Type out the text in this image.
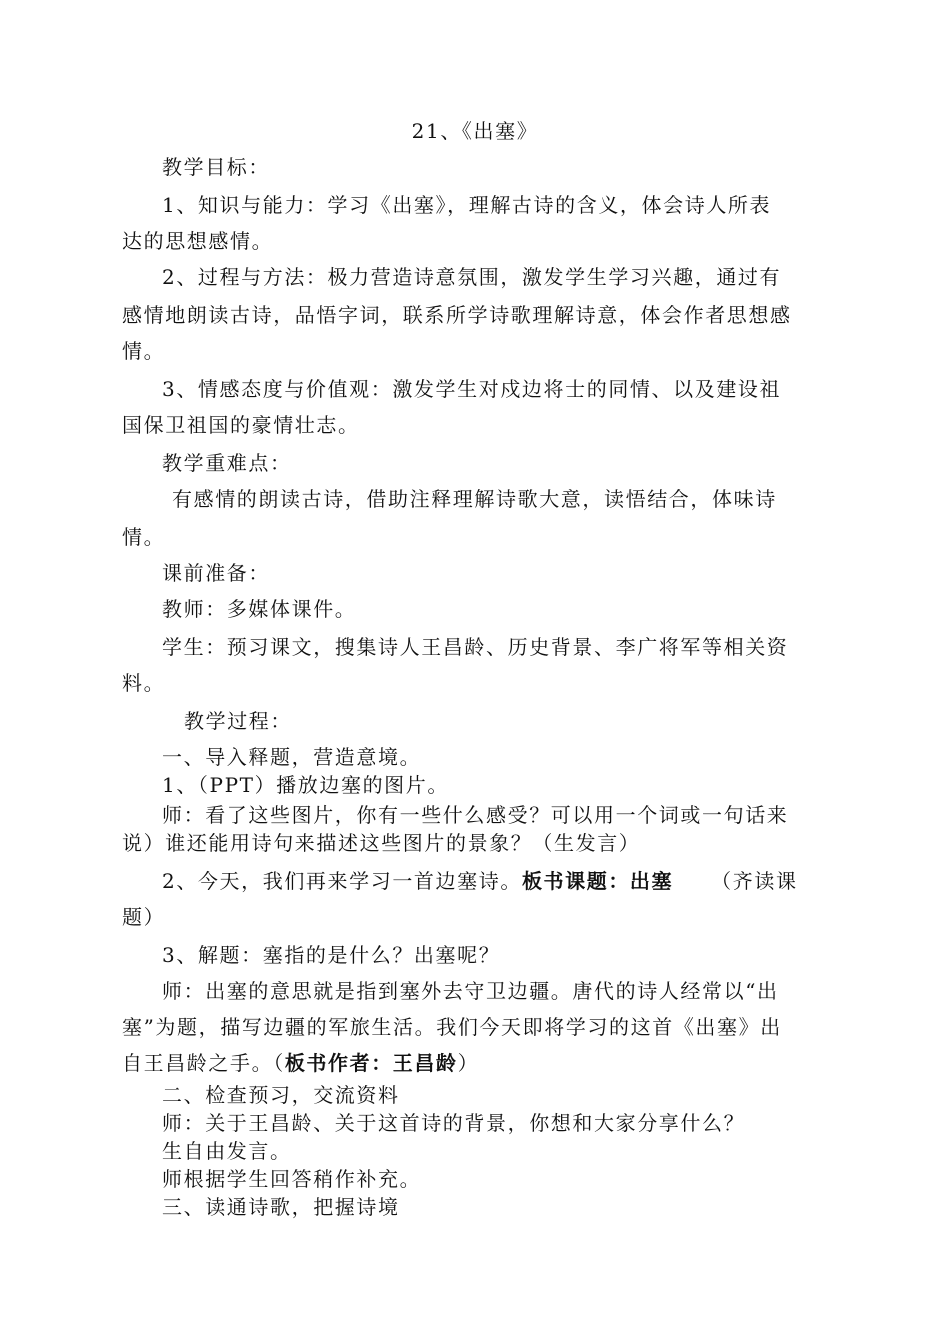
21、《出塞》
教学目标：
1、知识与能力：学习《出塞》，理解古诗的含义，体会诗人所表
达的思想感情。
2、过程与方法：极力营造诗意氛围，激发学生学习兴趣，通过有
感情地朗读古诗，品悟字词，联系所学诗歌理解诗意，体会作者思想感
情。
3、情感态度与价值观：激发学生对戍边将士的同情、以及建设祖
国保卫祖国的豪情壮志。
教学重难点：
有感情的朗读古诗，借助注释理解诗歌大意，读悟结合，体味诗
情。
课前准备：
教师：多媒体课件。
学生：预习课文，搜集诗人王昌龄、历史背景、李广将军等相关资
料。
教学过程：
一、导入释题，营造意境。
1、（PPT）播放边塞的图片。
师：看了这些图片，你有一些什么感受？可以用一个词或一句话来
说）谁还能用诗句来描述这些图片的景象？（生发言）
2、今天，我们再来学习一首边塞诗。板书课题：出塞 （齐读课
题）
3、解题：塞指的是什么？出塞呢？
师：出塞的意思就是指到塞外去守卫边疆。唐代的诗人经常以“出
塞”为题，描写边疆的军旅生活。我们今天即将学习的这首《出塞》出
自王昌龄之手。（板书作者：王昌龄）
二、检查预习，交流资料
师：关于王昌龄、关于这首诗的背景，你想和大家分享什么？
生自由发言。
师根据学生回答稍作补充。
三、读通诗歌，把握诗境
